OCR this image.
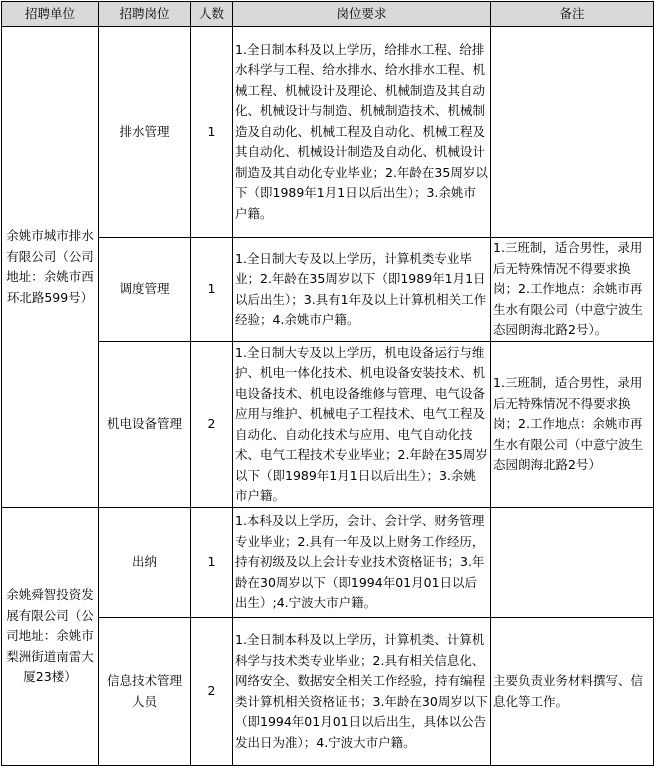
招聘单位	招聘岗位	人数	岗位要求	备注
余姚市城市排水有限公司（公司地址：余姚市西环北路599号）	排水管理	1	1.全日制本科及以上学历，给排水工程、给排水科学与工程、给水排水、给水排水工程、机械工程、机械设计及理论、机械制造及其自动化、机械设计与制造、机械制造技术、机械制造及自动化、机械工程及自动化、机械工程及其自动化、机械设计制造及自动化、机械设计制造及其自动化专业毕业；2.年龄在35周岁以下（即1989年1月1日以后出生）；3.余姚市户籍。	
	调度管理	1	1.全日制大专及以上学历，计算机类专业毕业；2.年龄在35周岁以下（即1989年1月1日以后出生）；3.具有1年及以上计算机相关工作经验；4.余姚市户籍。	1.三班制，适合男性，录用后无特殊情况不得要求换岗；2.工作地点：余姚市再生水有限公司（中意宁波生态园朗海北路2号）。
	机电设备管理	2	1.全日制大专及以上学历，机电设备运行与维护、机电一体化技术、机电设备安装技术、机电设备技术、机电设备维修与管理、电气设备应用与维护、机械电子工程技术、电气工程及自动化、自动化技术与应用、电气自动化技术、电气工程技术专业毕业；2.年龄在35周岁以下（即1989年1月1日以后出生）；3.余姚市户籍。	1.三班制，适合男性，录用后无特殊情况不得要求换岗；2.工作地点：余姚市再生水有限公司（中意宁波生态园朗海北路2号）
余姚舜智投资发展有限公司（公司地址：余姚市梨洲街道南雷大厦23楼）	出纳	1	1.本科及以上学历，会计、会计学、财务管理专业毕业；2.具有一年及以上财务工作经历，持有初级及以上会计专业技术资格证书；3.年龄在30周岁以下（即1994年01月01日以后出生）;4.宁波大市户籍。	
	信息技术管理人员	2	1.全日制本科及以上学历，计算机类、计算机科学与技术类专业毕业；2.具有相关信息化、网络安全、数据安全相关工作经验，持有编程类计算机相关资格证书；3.年龄在30周岁以下（即1994年01月01日以后出生，具体以公告发出日为准）；4.宁波大市户籍。	主要负责业务材料撰写、信息化等工作。
